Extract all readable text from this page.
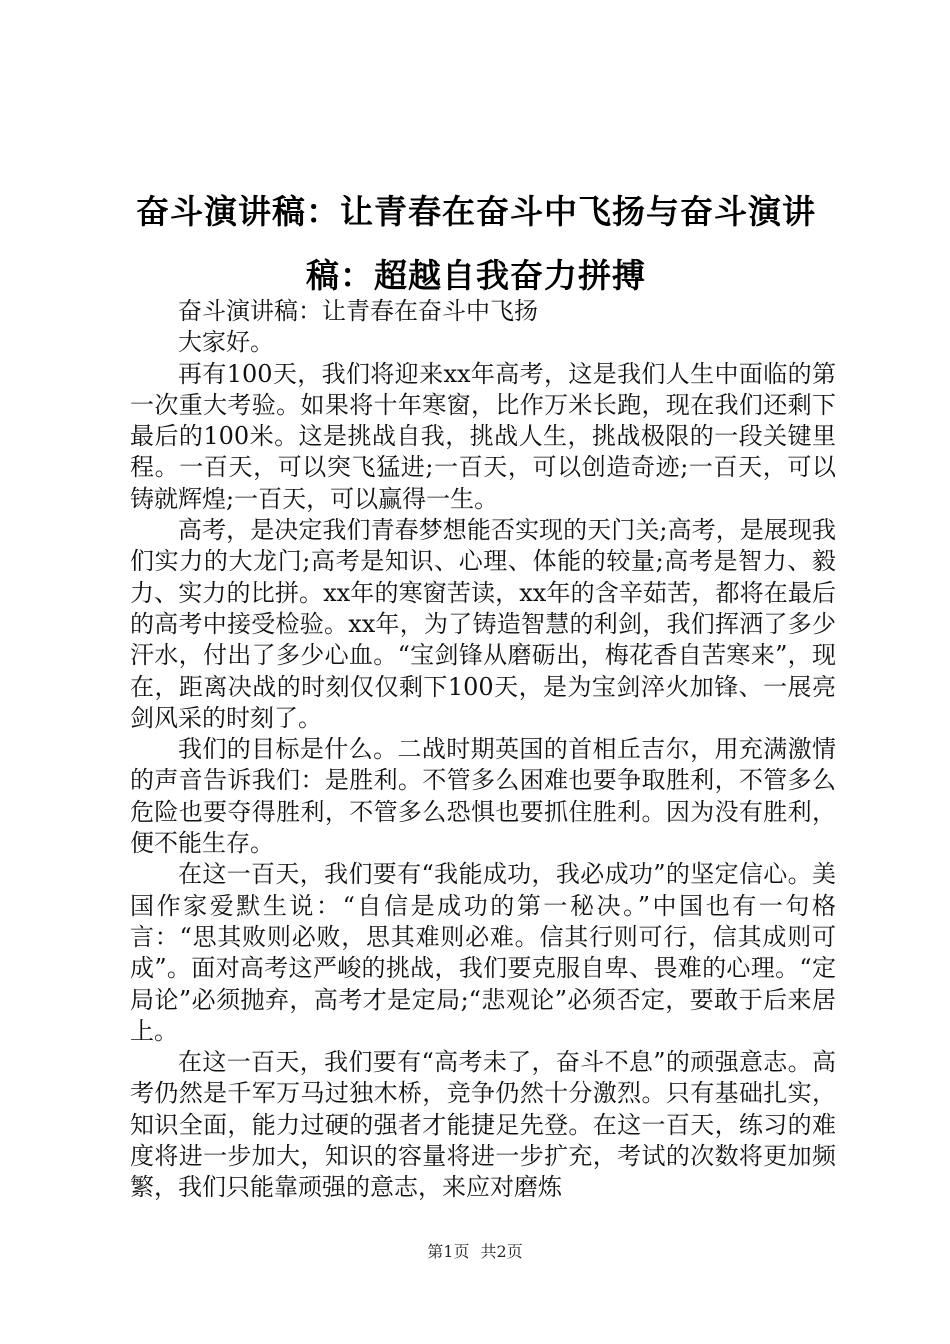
奋斗演讲稿：让青春在奋斗中飞扬与奋斗演讲稿：超越自我奋力拼搏

奋斗演讲稿：让青春在奋斗中飞扬

大家好。

再有100天，我们将迎来xx年高考，这是我们人生中面临的第一次重大考验。如果将十年寒窗，比作万米长跑，现在我们还剩下最后的100米。这是挑战自我，挑战人生，挑战极限的一段关键里程。一百天，可以突飞猛进;一百天，可以创造奇迹;一百天，可以铸就辉煌;一百天，可以赢得一生。

高考，是决定我们青春梦想能否实现的天门关;高考，是展现我们实力的大龙门;高考是知识、心理、体能的较量;高考是智力、毅力、实力的比拼。xx年的寒窗苦读，xx年的含辛茹苦，都将在最后的高考中接受检验。xx年，为了铸造智慧的利剑，我们挥洒了多少汗水，付出了多少心血。“宝剑锋从磨砺出，梅花香自苦寒来”，现在，距离决战的时刻仅仅剩下100天，是为宝剑淬火加锋、一展亮剑风采的时刻了。

我们的目标是什么。二战时期英国的首相丘吉尔，用充满激情的声音告诉我们：是胜利。不管多么困难也要争取胜利，不管多么危险也要夺得胜利，不管多么恐惧也要抓住胜利。因为没有胜利，便不能生存。

在这一百天，我们要有“我能成功，我必成功”的坚定信心。美国作家爱默生说：“自信是成功的第一秘决。”中国也有一句格言：“思其败则必败，思其难则必难。信其行则可行，信其成则可成”。面对高考这严峻的挑战，我们要克服自卑、畏难的心理。“定局论”必须抛弃，高考才是定局;“悲观论”必须否定，要敢于后来居上。

在这一百天，我们要有“高考未了，奋斗不息”的顽强意志。高考仍然是千军万马过独木桥，竞争仍然十分激烈。只有基础扎实，知识全面，能力过硬的强者才能捷足先登。在这一百天，练习的难度将进一步加大，知识的容量将进一步扩充，考试的次数将更加频繁，我们只能靠顽强的意志，来应对磨炼

第1页 共2页
